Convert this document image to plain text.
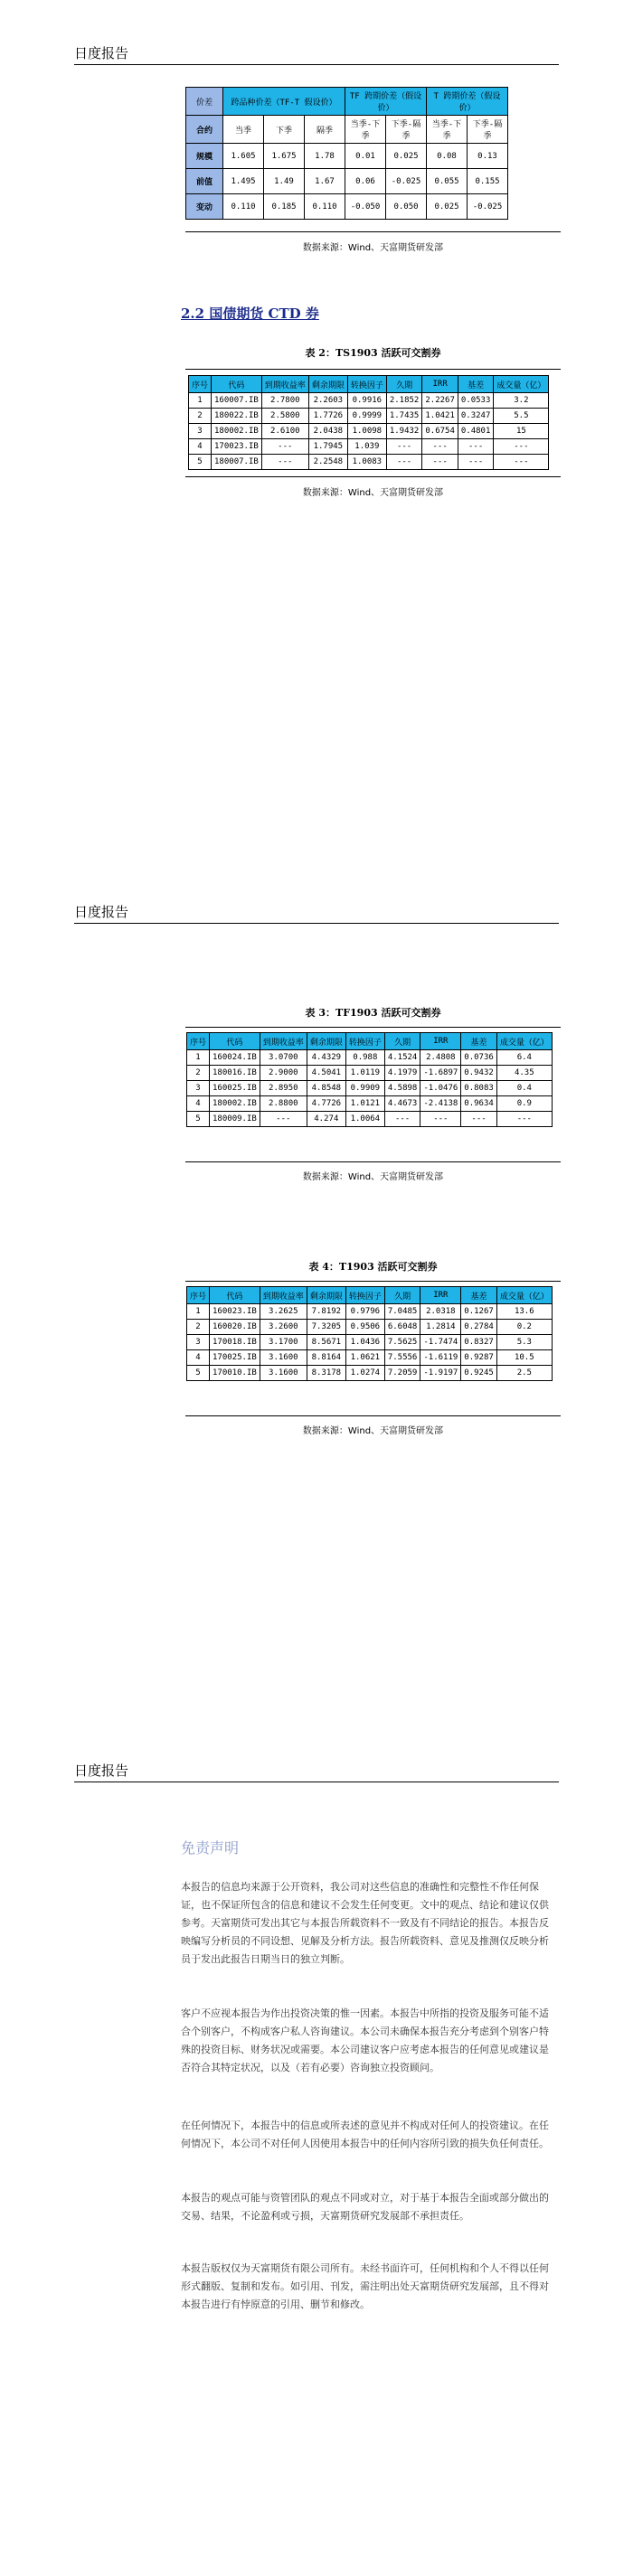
日度报告
价差	跨品种价差（TF-T 假设价）			TF 跨期价差（假设价）		T 跨期价差（假设价）	
合约	当季	下季	隔季	当季-下季	下季-隔季	当季-下季	下季-隔季
规模	1.605	1.675	1.78	0.01	0.025	0.08	0.13
前值	1.495	1.49	1.67	0.06	-0.025	0.055	0.155
变动	0.110	0.185	0.110	-0.050	0.050	0.025	-0.025
数据来源：Wind、天富期货研发部
2.2 国债期货 CTD 券
表 2：TS1903 活跃可交割券
序号	代码	到期收益率	剩余期限	转换因子	久期	IRR	基差	成交量（亿）
1	160007.IB	2.7800	2.2603	0.9916	2.1852	2.2267	0.0533	3.2
2	180022.IB	2.5800	1.7726	0.9999	1.7435	1.0421	0.3247	5.5
3	180002.IB	2.6100	2.0438	1.0098	1.9432	0.6754	0.4801	15
4	170023.IB	---	1.7945	1.039	---	---	---	---
5	180007.IB	---	2.2548	1.0083	---	---	---	---
数据来源：Wind、天富期货研发部
日度报告
表 3：TF1903 活跃可交割券
序号	代码	到期收益率	剩余期限	转换因子	久期	IRR	基差	成交量（亿）
1	160024.IB	3.0700	4.4329	0.988	4.1524	2.4808	0.0736	6.4
2	180016.IB	2.9000	4.5041	1.0119	4.1979	-1.6897	0.9432	4.35
3	160025.IB	2.8950	4.8548	0.9909	4.5898	-1.0476	0.8083	0.4
4	180002.IB	2.8800	4.7726	1.0121	4.4673	-2.4138	0.9634	0.9
5	180009.IB	---	4.274	1.0064	---	---	---	---
数据来源：Wind、天富期货研发部
表 4：T1903 活跃可交割券
序号	代码	到期收益率	剩余期限	转换因子	久期	IRR	基差	成交量（亿）
1	160023.IB	3.2625	7.8192	0.9796	7.0485	2.0318	0.1267	13.6
2	160020.IB	3.2600	7.3205	0.9506	6.6048	1.2814	0.2784	0.2
3	170018.IB	3.1700	8.5671	1.0436	7.5625	-1.7474	0.8327	5.3
4	170025.IB	3.1600	8.8164	1.0621	7.5556	-1.6119	0.9287	10.5
5	170010.IB	3.1600	8.3178	1.0274	7.2059	-1.9197	0.9245	2.5
数据来源：Wind、天富期货研发部
日度报告
免责声明
本报告的信息均来源于公开资料，我公司对这些信息的准确性和完整性不作任何保证，也不保证所包含的信息和建议不会发生任何变更。文中的观点、结论和建议仅供参考。天富期货可发出其它与本报告所载资料不一致及有不同结论的报告。本报告反映编写分析员的不同设想、见解及分析方法。报告所载资料、意见及推测仅反映分析员于发出此报告日期当日的独立判断。
客户不应视本报告为作出投资决策的惟一因素。本报告中所指的投资及服务可能不适合个别客户，不构成客户私人咨询建议。本公司未确保本报告充分考虑到个别客户特殊的投资目标、财务状况或需要。本公司建议客户应考虑本报告的任何意见或建议是否符合其特定状况，以及（若有必要）咨询独立投资顾问。
在任何情况下，本报告中的信息或所表述的意见并不构成对任何人的投资建议。在任何情况下，本公司不对任何人因使用本报告中的任何内容所引致的损失负任何责任。
本报告的观点可能与资管团队的观点不同或对立，对于基于本报告全面或部分做出的交易、结果，不论盈利或亏损，天富期货研究发展部不承担责任。
本报告版权仅为天富期货有限公司所有。未经书面许可，任何机构和个人不得以任何形式翻版、复制和发布。如引用、刊发，需注明出处天富期货研究发展部，且不得对本报告进行有悖原意的引用、删节和修改。
